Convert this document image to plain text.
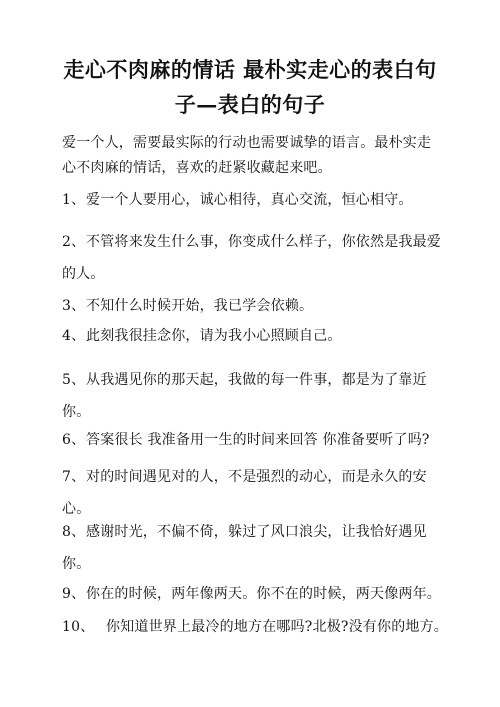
走心不肉麻的情话 最朴实走心的表白句
子—表白的句子
爱一个人，需要最实际的行动也需要诚挚的语言。最朴实走心不肉麻的情话，喜欢的赶紧收藏起来吧。
1、爱一个人要用心，诚心相待，真心交流，恒心相守。
2、不管将来发生什么事，你变成什么样子，你依然是我最爱的人。
3、不知什么时候开始，我已学会依赖。
4、此刻我很挂念你，请为我小心照顾自己。
5、从我遇见你的那天起，我做的每一件事，都是为了靠近你。
6、答案很长 我准备用一生的时间来回答 你准备要听了吗?
7、对的时间遇见对的人，不是强烈的动心，而是永久的安心。
8、感谢时光，不偏不倚，躲过了风口浪尖，让我恰好遇见你。
9、你在的时候，两年像两天。你不在的时候，两天像两年。
10、 你知道世界上最冷的地方在哪吗?北极?没有你的地方。
